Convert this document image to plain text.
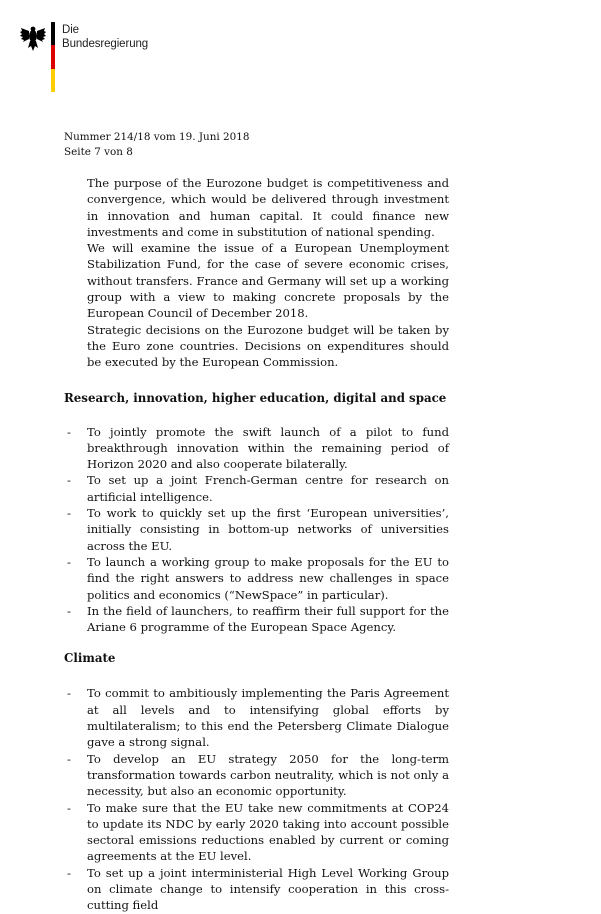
Die
Bundesregierung
Nummer 214/18 vom 19. Juni 2018
Seite 7 von 8

The purpose of the Eurozone budget is competitiveness and convergence, which would be delivered through investment in innovation and human capital. It could finance new investments and come in substitution of national spending.

We will examine the issue of a European Unemployment Stabilization Fund, for the case of severe economic crises, without transfers. France and Germany will set up a working group with a view to making concrete proposals by the European Council of December 2018.

Strategic decisions on the Eurozone budget will be taken by the Euro zone countries. Decisions on expenditures should be executed by the European Commission.

Research, innovation, higher education, digital and space
- To jointly promote the swift launch of a pilot to fund breakthrough innovation within the remaining period of Horizon 2020 and also cooperate bilaterally.
- To set up a joint French-German centre for research on artificial intelligence.
- To work to quickly set up the first ‘European universities’, initially consisting in bottom-up networks of universities across the EU.
- To launch a working group to make proposals for the EU to find the right answers to address new challenges in space politics and economics (“NewSpace” in particular).
- In the field of launchers, to reaffirm their full support for the Ariane 6 programme of the European Space Agency.
Climate
- To commit to ambitiously implementing the Paris Agreement at all levels and to intensifying global efforts by multilateralism; to this end the Petersberg Climate Dialogue gave a strong signal.
- To develop an EU strategy 2050 for the long-term transformation towards carbon neutrality, which is not only a necessity, but also an economic opportunity.
- To make sure that the EU take new commitments at COP24 to update its NDC by early 2020 taking into account possible sectoral emissions reductions enabled by current or coming agreements at the EU level.
- To set up a joint interministerial High Level Working Group on climate change to intensify cooperation in this cross-cutting field
